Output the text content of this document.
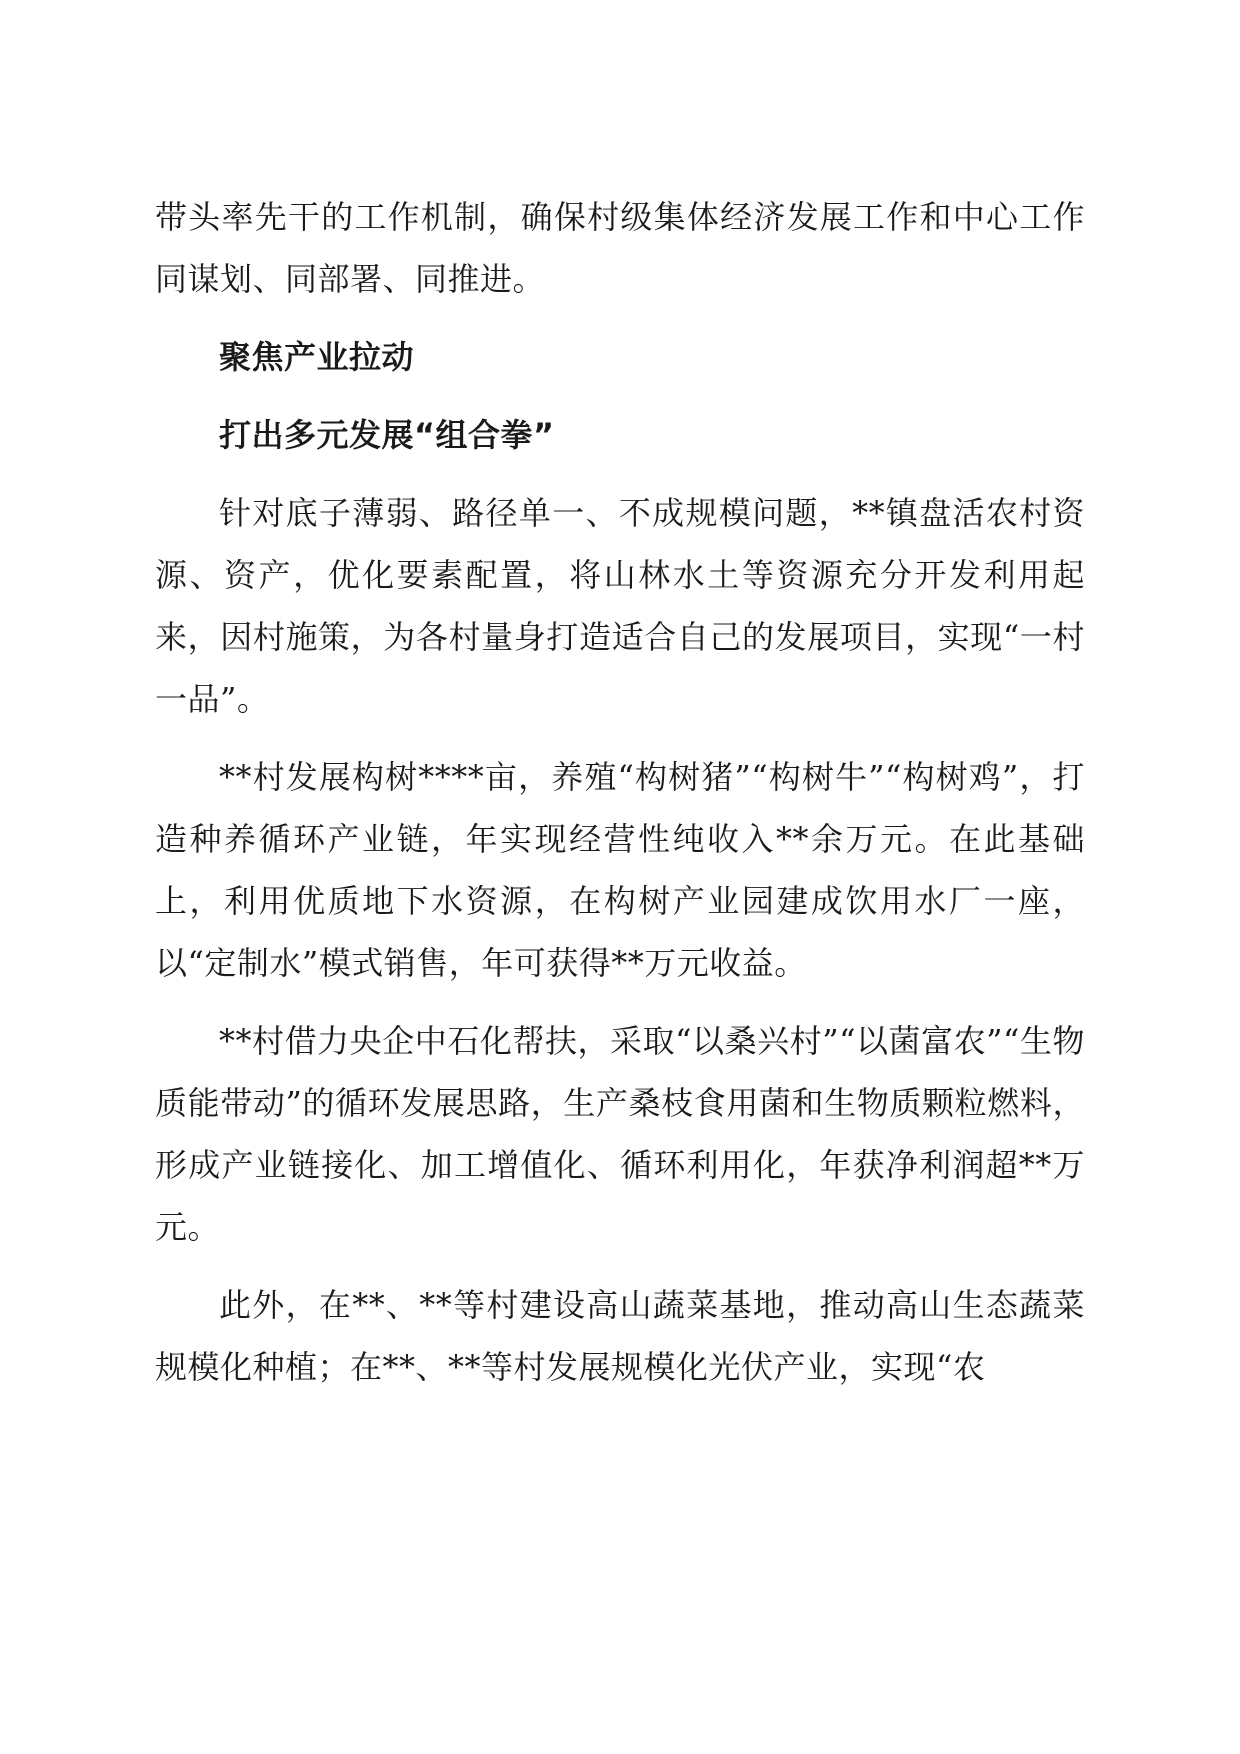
带头率先干的工作机制，确保村级集体经济发展工作和中心工作同谋划、同部署、同推进。

聚焦产业拉动

打出多元发展“组合拳”

针对底子薄弱、路径单一、不成规模问题，**镇盘活农村资源、资产，优化要素配置，将山林水土等资源充分开发利用起来，因村施策，为各村量身打造适合自己的发展项目，实现“一村一品”。

**村发展构树****亩，养殖“构树猪”“构树牛”“构树鸡”，打造种养循环产业链，年实现经营性纯收入**余万元。在此基础上，利用优质地下水资源，在构树产业园建成饮用水厂一座，以“定制水”模式销售，年可获得**万元收益。

**村借力央企中石化帮扶，采取“以桑兴村”“以菌富农”“生物质能带动”的循环发展思路，生产桑枝食用菌和生物质颗粒燃料，形成产业链接化、加工增值化、循环利用化，年获净利润超**万元。

此外，在**、**等村建设高山蔬菜基地，推动高山生态蔬菜规模化种植；在**、**等村发展规模化光伏产业，实现“农
